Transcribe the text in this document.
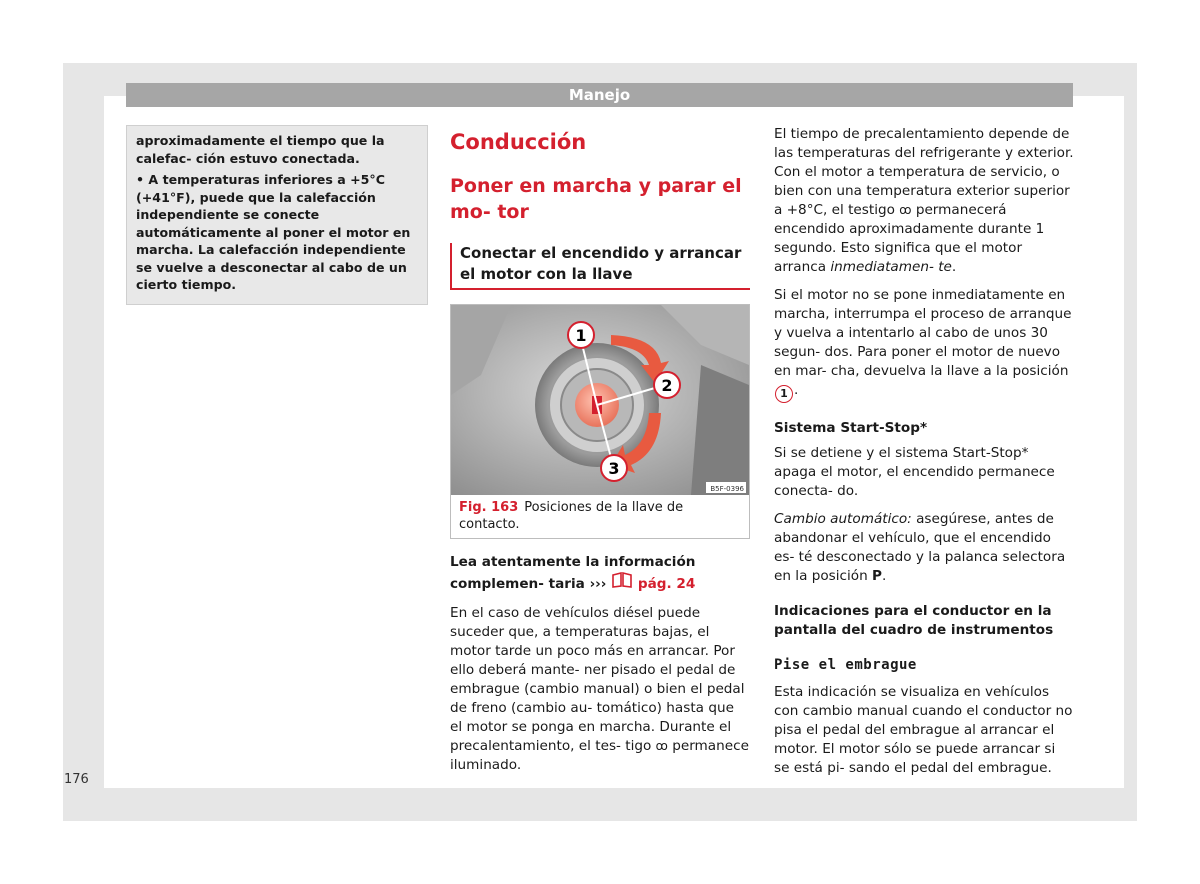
Manejo
176

aproximadamente el tiempo que la calefac- ción estuvo conectada.

• A temperaturas inferiores a +5°C (+41°F), puede que la calefacción independiente se conecte automáticamente al poner el motor en marcha. La calefacción independiente se vuelve a desconectar al cabo de un cierto tiempo.

Conducción
Poner en marcha y parar el mo- tor
Conectar el encendido y arrancar el motor con la llave
1
2
3
B5F-0396
Fig. 163 Posiciones de la llave de contacto.
Lea atentamente la información complemen- taria ››› pág. 24
En el caso de vehículos diésel puede suceder que, a temperaturas bajas, el motor tarde un poco más en arrancar. Por ello deberá mante- ner pisado el pedal de embrague (cambio manual) o bien el pedal de freno (cambio au- tomático) hasta que el motor se ponga en marcha. Durante el precalentamiento, el tes- tigo ꝏ permanece iluminado.
El tiempo de precalentamiento depende de las temperaturas del refrigerante y exterior. Con el motor a temperatura de servicio, o bien con una temperatura exterior superior a +8°C, el testigo ꝏ permanecerá encendido aproximadamente durante 1 segundo. Esto significa que el motor arranca inmediatamen- te.
Si el motor no se pone inmediatamente en marcha, interrumpa el proceso de arranque y vuelva a intentarlo al cabo de unos 30 segun- dos. Para poner el motor de nuevo en mar- cha, devuelva la llave a la posición 1 .
Sistema Start-Stop*
Si se detiene y el sistema Start-Stop* apaga el motor, el encendido permanece conecta- do.
Cambio automático: asegúrese, antes de abandonar el vehículo, que el encendido es- té desconectado y la palanca selectora en la posición P.
Indicaciones para el conductor en la pantalla del cuadro de instrumentos
Pise el embrague
Esta indicación se visualiza en vehículos con cambio manual cuando el conductor no pisa el pedal del embrague al arrancar el motor. El motor sólo se puede arrancar si se está pi- sando el pedal del embrague.
